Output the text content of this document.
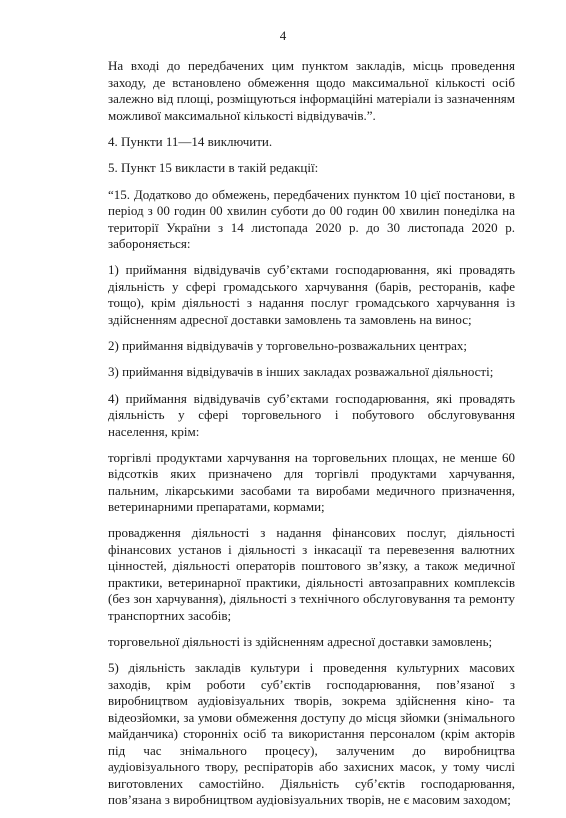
4

На вході до передбачених цим пунктом закладів, місць проведення заходу, де встановлено обмеження щодо максимальної кількості осіб залежно від площі, розміщуються інформаційні матеріали із зазначенням можливої максимальної кількості відвідувачів.”.

4. Пункти 11—14 виключити.

5. Пункт 15 викласти в такій редакції:

“15. Додатково до обмежень, передбачених пунктом 10 цієї постанови, в період з 00 годин 00 хвилин суботи до 00 годин 00 хвилин понеділка на території України з 14 листопада 2020 р. до 30 листопада 2020 р. забороняється:

1) приймання відвідувачів суб’єктами господарювання, які провадять діяльність у сфері громадського харчування (барів, ресторанів, кафе тощо), крім діяльності з надання послуг громадського харчування із здійсненням адресної доставки замовлень та замовлень на винос;

2) приймання відвідувачів у торговельно-розважальних центрах;

3) приймання відвідувачів в інших закладах розважальної діяльності;

4) приймання відвідувачів суб’єктами господарювання, які провадять діяльність у сфері торговельного і побутового обслуговування населення, крім:

торгівлі продуктами харчування на торговельних площах, не менше 60 відсотків яких призначено для торгівлі продуктами харчування, пальним, лікарськими засобами та виробами медичного призначення, ветеринарними препаратами, кормами;

провадження діяльності з надання фінансових послуг, діяльності фінансових установ і діяльності з інкасації та перевезення валютних цінностей, діяльності операторів поштового зв’язку, а також медичної практики, ветеринарної практики, діяльності автозаправних комплексів (без зон харчування), діяльності з технічного обслуговування та ремонту транспортних засобів;

торговельної діяльності із здійсненням адресної доставки замовлень;

5) діяльність закладів культури і проведення культурних масових заходів, крім роботи суб’єктів господарювання, пов’язаної з виробництвом аудіовізуальних творів, зокрема здійснення кіно- та відеозйомки, за умови обмеження доступу до місця зйомки (знімального майданчика) сторонніх осіб та використання персоналом (крім акторів під час знімального процесу), залученим до виробництва аудіовізуального твору, респіраторів або захисних масок, у тому числі виготовлених самостійно. Діяльність суб’єктів господарювання, пов’язана з виробництвом аудіовізуальних творів, не є масовим заходом;
